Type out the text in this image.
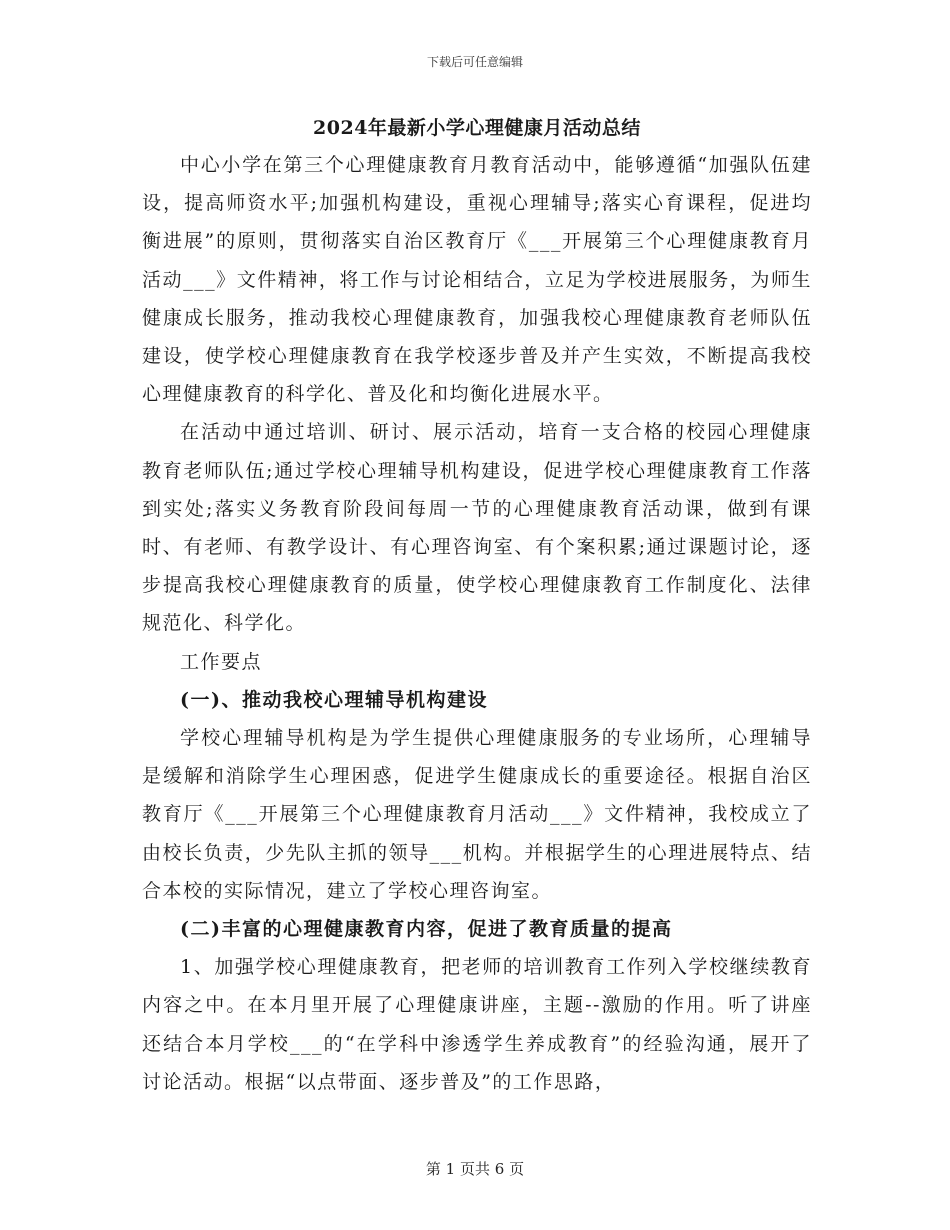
下载后可任意编辑

2024年最新小学心理健康月活动总结

中心小学在第三个心理健康教育月教育活动中，能够遵循“加强队伍建设，提高师资水平;加强机构建设，重视心理辅导;落实心育课程，促进均衡进展”的原则，贯彻落实自治区教育厅《___开展第三个心理健康教育月活动___》文件精神，将工作与讨论相结合，立足为学校进展服务，为师生健康成长服务，推动我校心理健康教育，加强我校心理健康教育老师队伍建设，使学校心理健康教育在我学校逐步普及并产生实效，不断提高我校心理健康教育的科学化、普及化和均衡化进展水平。

在活动中通过培训、研讨、展示活动，培育一支合格的校园心理健康教育老师队伍;通过学校心理辅导机构建设，促进学校心理健康教育工作落到实处;落实义务教育阶段间每周一节的心理健康教育活动课，做到有课时、有老师、有教学设计、有心理咨询室、有个案积累;通过课题讨论，逐步提高我校心理健康教育的质量，使学校心理健康教育工作制度化、法律规范化、科学化。

工作要点

(一)、推动我校心理辅导机构建设

学校心理辅导机构是为学生提供心理健康服务的专业场所，心理辅导是缓解和消除学生心理困惑，促进学生健康成长的重要途径。根据自治区教育厅《___开展第三个心理健康教育月活动___》文件精神，我校成立了由校长负责，少先队主抓的领导___机构。并根据学生的心理进展特点、结合本校的实际情况，建立了学校心理咨询室。

(二)丰富的心理健康教育内容，促进了教育质量的提高

1、加强学校心理健康教育，把老师的培训教育工作列入学校继续教育内容之中。在本月里开展了心理健康讲座，主题--激励的作用。听了讲座还结合本月学校___的“在学科中渗透学生养成教育”的经验沟通，展开了讨论活动。根据“以点带面、逐步普及”的工作思路，

第 1 页共 6 页
